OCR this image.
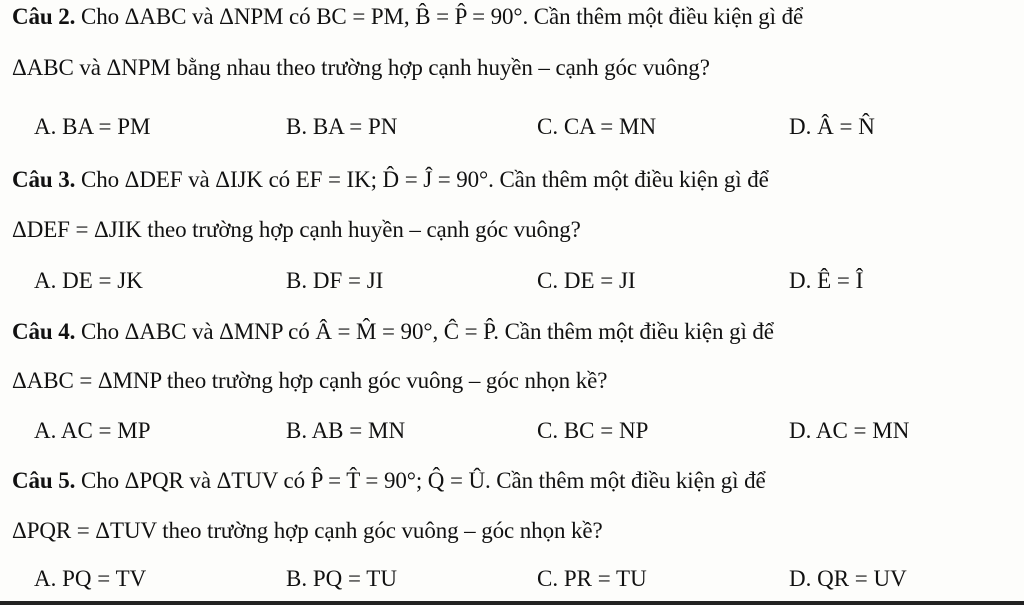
Câu 2. Cho ΔABC và ΔNPM có BC = PM, B̂ = P̂ = 90°. Cần thêm một điều kiện gì để
ΔABC và ΔNPM bằng nhau theo trường hợp cạnh huyền – cạnh góc vuông?
A. BA = PM	B. BA = PN	C. CA = MN	D. Â = N̂
Câu 3. Cho ΔDEF và ΔIJK có EF = IK; D̂ = Ĵ = 90°. Cần thêm một điều kiện gì để
ΔDEF = ΔJIK theo trường hợp cạnh huyền – cạnh góc vuông?
A. DE = JK	B. DF = JI	C. DE = JI	D. Ê = Î
Câu 4. Cho ΔABC và ΔMNP có Â = M̂ = 90°, Ĉ = P̂. Cần thêm một điều kiện gì để
ΔABC = ΔMNP theo trường hợp cạnh góc vuông – góc nhọn kề?
A. AC = MP	B. AB = MN	C. BC = NP	D. AC = MN
Câu 5. Cho ΔPQR và ΔTUV có P̂ = T̂ = 90°; Q̂ = Û. Cần thêm một điều kiện gì để
ΔPQR = ΔTUV theo trường hợp cạnh góc vuông – góc nhọn kề?
A. PQ = TV	B. PQ = TU	C. PR = TU	D. QR = UV
